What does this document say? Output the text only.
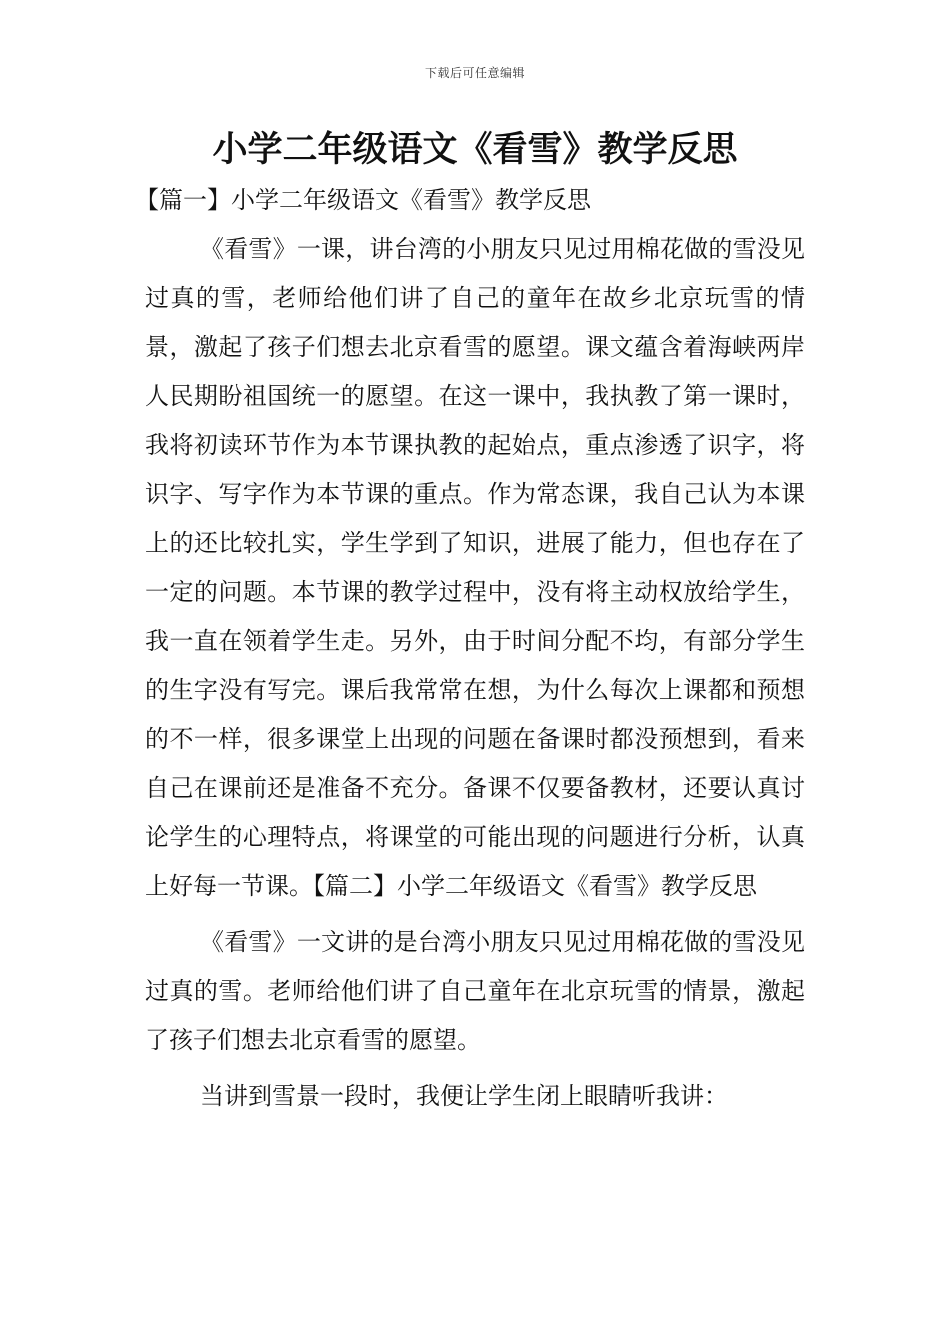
下载后可任意编辑
小学二年级语文《看雪》教学反思

【篇一】小学二年级语文《看雪》教学反思

《看雪》一课，讲台湾的小朋友只见过用棉花做的雪没见过真的雪，老师给他们讲了自己的童年在故乡北京玩雪的情景，激起了孩子们想去北京看雪的愿望。课文蕴含着海峡两岸人民期盼祖国统一的愿望。在这一课中，我执教了第一课时，我将初读环节作为本节课执教的起始点，重点渗透了识字，将识字、写字作为本节课的重点。作为常态课，我自己认为本课上的还比较扎实，学生学到了知识，进展了能力，但也存在了一定的问题。本节课的教学过程中，没有将主动权放给学生，我一直在领着学生走。另外，由于时间分配不均，有部分学生的生字没有写完。课后我常常在想，为什么每次上课都和预想的不一样，很多课堂上出现的问题在备课时都没预想到，看来自己在课前还是准备不充分。备课不仅要备教材，还要认真讨论学生的心理特点，将课堂的可能出现的问题进行分析，认真上好每一节课。【篇二】小学二年级语文《看雪》教学反思

《看雪》一文讲的是台湾小朋友只见过用棉花做的雪没见过真的雪。老师给他们讲了自己童年在北京玩雪的情景，激起了孩子们想去北京看雪的愿望。

当讲到雪景一段时，我便让学生闭上眼睛听我讲：
